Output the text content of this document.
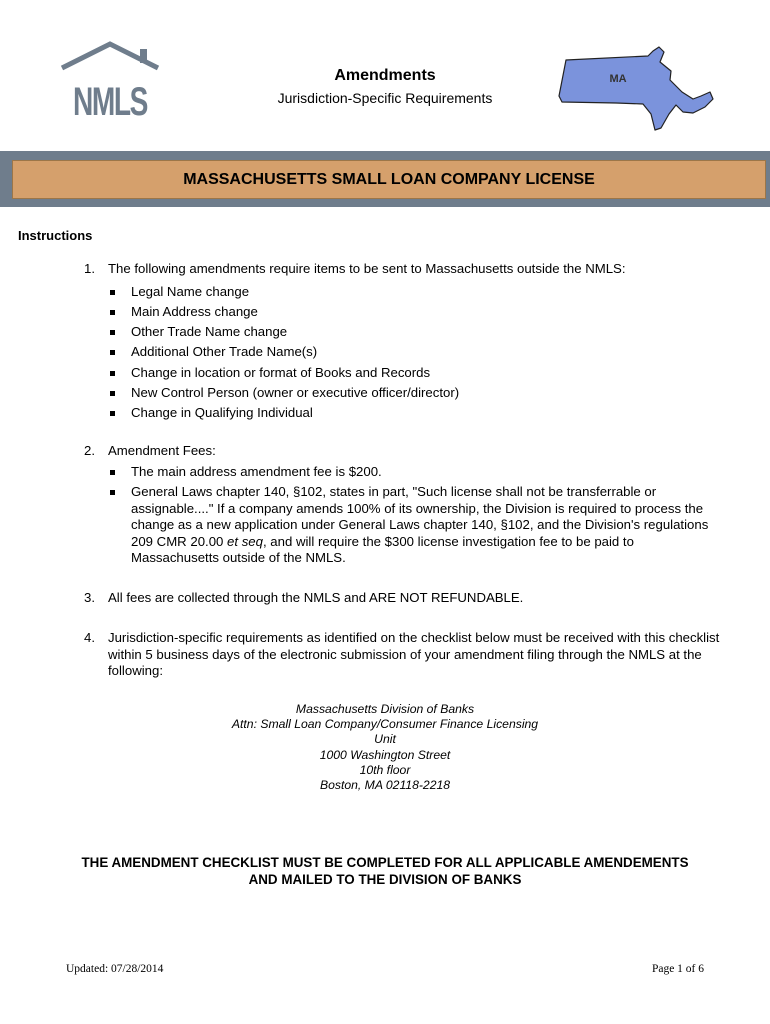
NMLS
Amendments
Jurisdiction-Specific Requirements
MA
MASSACHUSETTS SMALL LOAN COMPANY LICENSE
Instructions
1. The following amendments require items to be sent to Massachusetts outside the NMLS:
Legal Name change
Main Address change
Other Trade Name change
Additional Other Trade Name(s)
Change in location or format of Books and Records
New Control Person (owner or executive officer/director)
Change in Qualifying Individual
2. Amendment Fees:
The main address amendment fee is $200.
General Laws chapter 140, §102, states in part, "Such license shall not be transferrable or assignable...." If a company amends 100% of its ownership, the Division is required to process the change as a new application under General Laws chapter 140, §102, and the Division's regulations 209 CMR 20.00 et seq, and will require the $300 license investigation fee to be paid to Massachusetts outside of the NMLS.
3. All fees are collected through the NMLS and ARE NOT REFUNDABLE.
4. Jurisdiction-specific requirements as identified on the checklist below must be received with this checklist within 5 business days of the electronic submission of your amendment filing through the NMLS at the following:
Massachusetts Division of Banks
Attn: Small Loan Company/Consumer Finance Licensing
Unit
1000 Washington Street
10th floor
Boston, MA 02118-2218
THE AMENDMENT CHECKLIST MUST BE COMPLETED FOR ALL APPLICABLE AMENDEMENTS
AND MAILED TO THE DIVISION OF BANKS
Updated: 07/28/2014	Page 1 of 6
